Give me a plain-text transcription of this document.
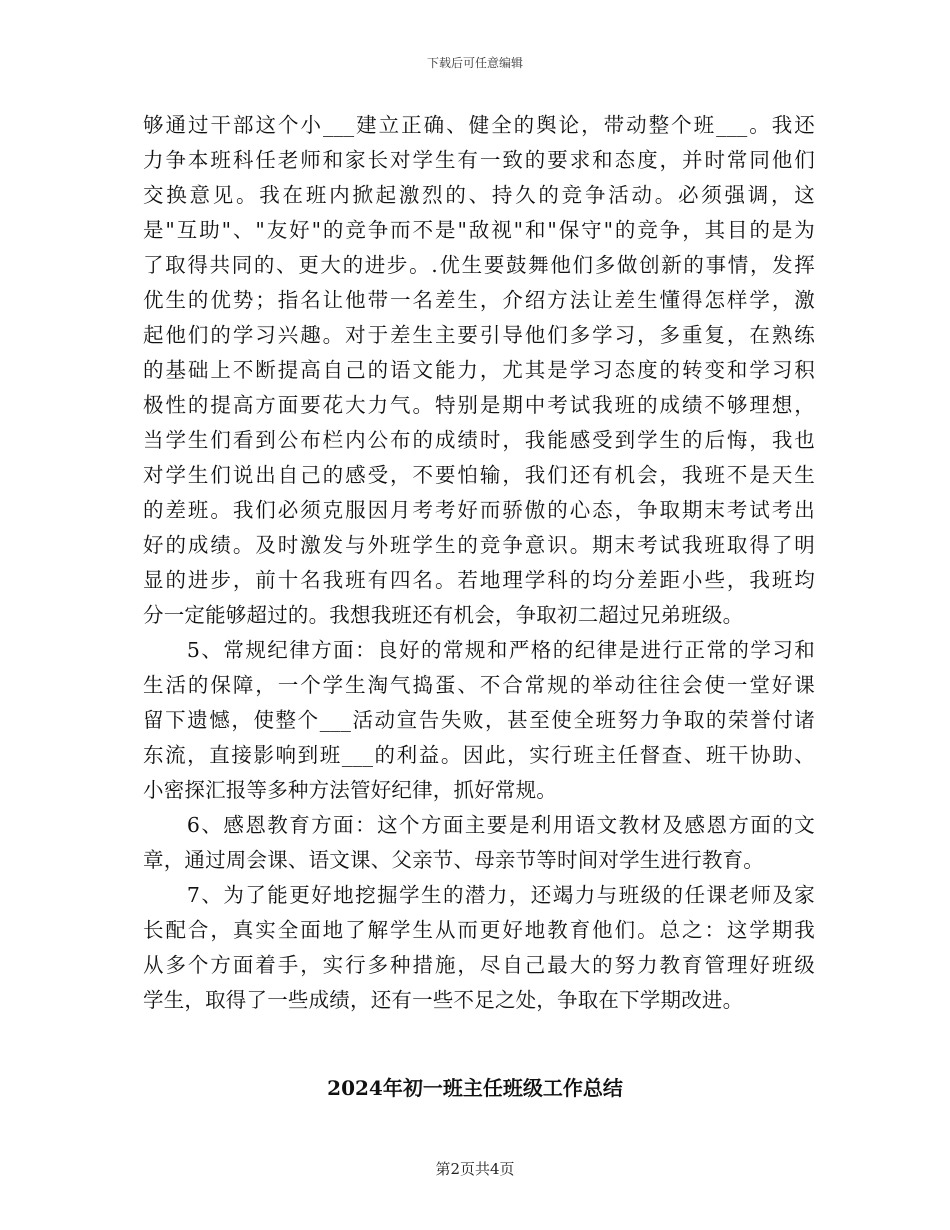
下载后可任意编辑
够通过干部这个小___建立正确、健全的舆论，带动整个班___。我还
力争本班科任老师和家长对学生有一致的要求和态度，并时常同他们
交换意见。我在班内掀起激烈的、持久的竞争活动。必须强调，这
是"互助"、"友好"的竞争而不是"敌视"和"保守"的竞争，其目的是为
了取得共同的、更大的进步。.优生要鼓舞他们多做创新的事情，发挥
优生的优势；指名让他带一名差生，介绍方法让差生懂得怎样学，激
起他们的学习兴趣。对于差生主要引导他们多学习，多重复，在熟练
的基础上不断提高自己的语文能力，尤其是学习态度的转变和学习积
极性的提高方面要花大力气。特别是期中考试我班的成绩不够理想，
当学生们看到公布栏内公布的成绩时，我能感受到学生的后悔，我也
对学生们说出自己的感受，不要怕输，我们还有机会，我班不是天生
的差班。我们必须克服因月考考好而骄傲的心态，争取期末考试考出
好的成绩。及时激发与外班学生的竞争意识。期末考试我班取得了明
显的进步，前十名我班有四名。若地理学科的均分差距小些，我班均
分一定能够超过的。我想我班还有机会，争取初二超过兄弟班级。
　　5、常规纪律方面：良好的常规和严格的纪律是进行正常的学习和
生活的保障，一个学生淘气捣蛋、不合常规的举动往往会使一堂好课
留下遗憾，使整个___活动宣告失败，甚至使全班努力争取的荣誉付诸
东流，直接影响到班___的利益。因此，实行班主任督查、班干协助、
小密探汇报等多种方法管好纪律，抓好常规。
　　6、感恩教育方面：这个方面主要是利用语文教材及感恩方面的文
章，通过周会课、语文课、父亲节、母亲节等时间对学生进行教育。
　　7、为了能更好地挖掘学生的潜力，还竭力与班级的任课老师及家
长配合，真实全面地了解学生从而更好地教育他们。总之：这学期我
从多个方面着手，实行多种措施，尽自己最大的努力教育管理好班级
学生，取得了一些成绩，还有一些不足之处，争取在下学期改进。
2024年初一班主任班级工作总结
第2页共4页
